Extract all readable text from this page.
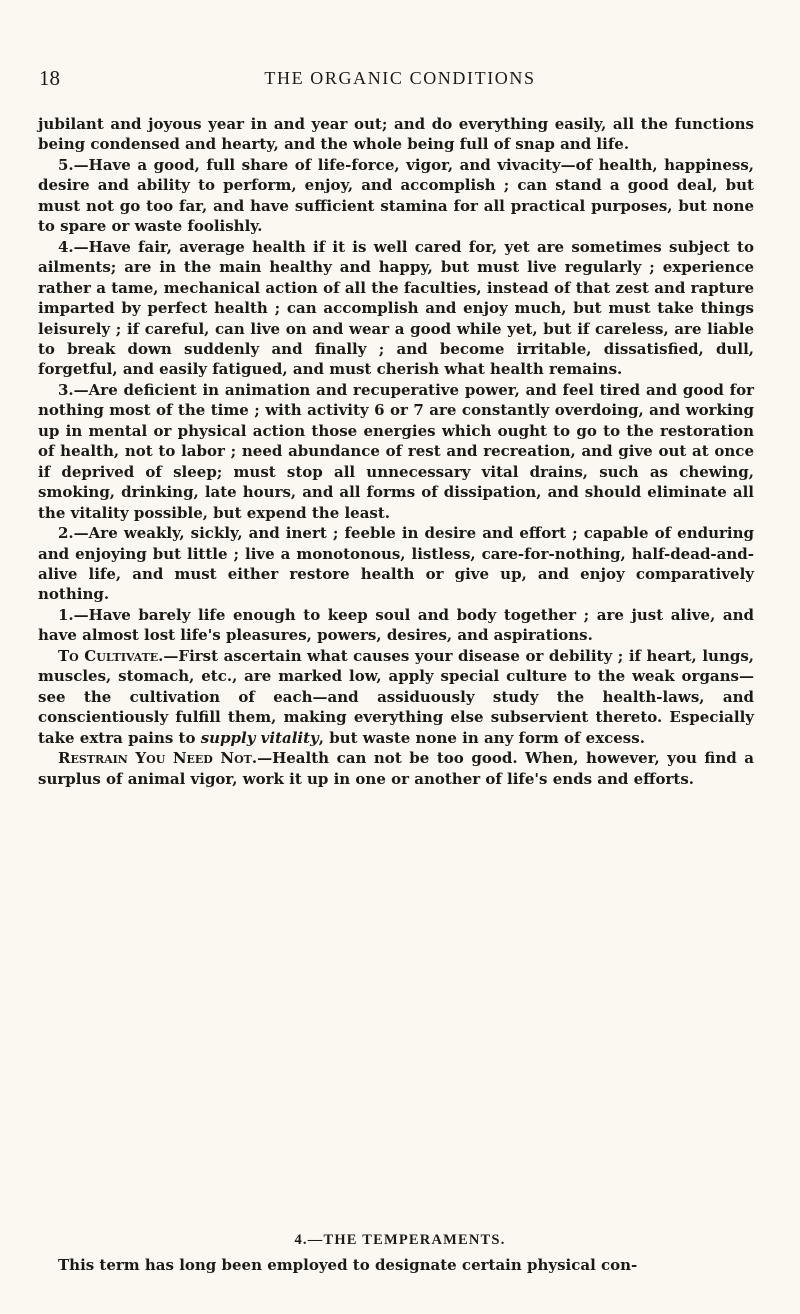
18	THE ORGANIC CONDITIONS

jubilant and joyous year in and year out; and do everything easily, all the functions being condensed and hearty, and the whole being full of snap and life.

5.—Have a good, full share of life-force, vigor, and vivacity—of health, happiness, desire and ability to perform, enjoy, and accomplish ; can stand a good deal, but must not go too far, and have sufficient stamina for all practical purposes, but none to spare or waste foolishly.

4.—Have fair, average health if it is well cared for, yet are sometimes subject to ailments; are in the main healthy and happy, but must live regularly ; experience rather a tame, mechanical action of all the faculties, instead of that zest and rapture imparted by perfect health ; can accomplish and enjoy much, but must take things leisurely ; if careful, can live on and wear a good while yet, but if careless, are liable to break down suddenly and finally ; and become irritable, dissatisfied, dull, forgetful, and easily fatigued, and must cherish what health remains.

3.—Are deficient in animation and recuperative power, and feel tired and good for nothing most of the time ; with activity 6 or 7 are constantly overdoing, and working up in mental or physical action those energies which ought to go to the restoration of health, not to labor ; need abundance of rest and recreation, and give out at once if deprived of sleep; must stop all unnecessary vital drains, such as chewing, smoking, drinking, late hours, and all forms of dissipation, and should eliminate all the vitality possible, but expend the least.

2.—Are weakly, sickly, and inert ; feeble in desire and effort ; capable of enduring and enjoying but little ; live a monotonous, listless, care-for-nothing, half-dead-and-alive life, and must either restore health or give up, and enjoy comparatively nothing.

1.—Have barely life enough to keep soul and body together ; are just alive, and have almost lost life's pleasures, powers, desires, and aspirations.

To Cultivate.—First ascertain what causes your disease or debility ; if heart, lungs, muscles, stomach, etc., are marked low, apply special culture to the weak organs—see the cultivation of each—and assiduously study the health-laws, and conscientiously fulfill them, making everything else subservient thereto. Especially take extra pains to supply vitality, but waste none in any form of excess.

Restrain You Need Not.—Health can not be too good. When, however, you find a surplus of animal vigor, work it up in one or another of life's ends and efforts.

4.—THE TEMPERAMENTS.
This term has long been employed to designate certain physical con-
